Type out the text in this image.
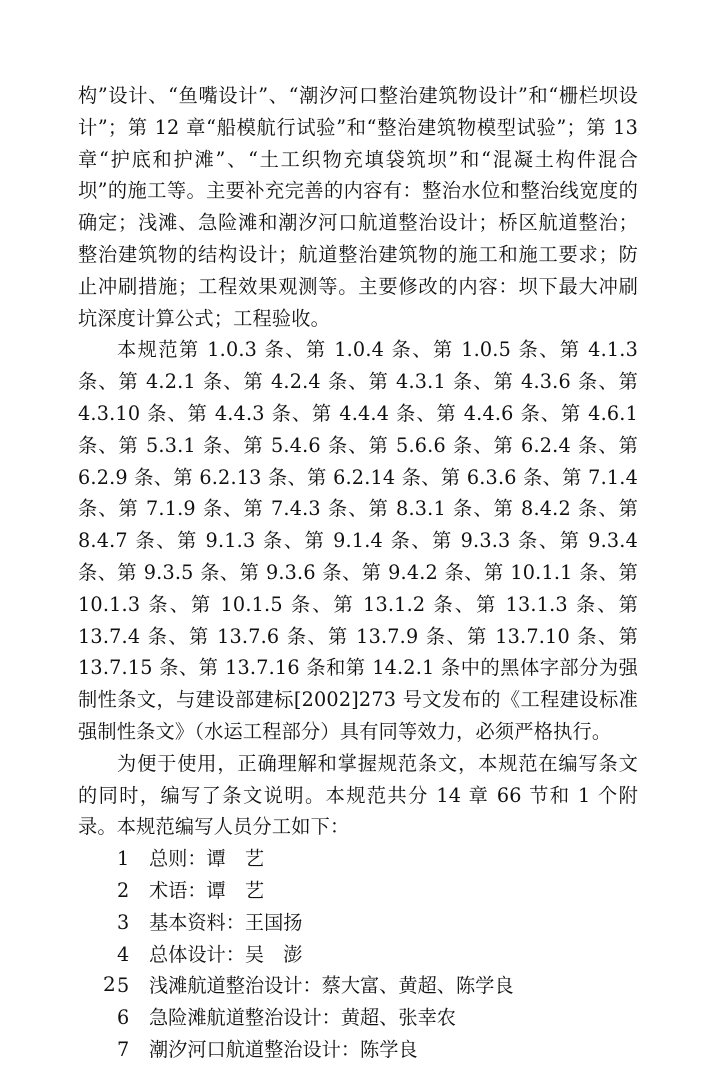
构”设计、“鱼嘴设计”、“潮汐河口整治建筑物设计”和“栅栏坝设计”；第 12 章“船模航行试验”和“整治建筑物模型试验”；第 13 章“护底和护滩”、“土工织物充填袋筑坝”和“混凝土构件混合坝”的施工等。主要补充完善的内容有：整治水位和整治线宽度的确定；浅滩、急险滩和潮汐河口航道整治设计；桥区航道整治；整治建筑物的结构设计；航道整治建筑物的施工和施工要求；防止冲刷措施；工程效果观测等。主要修改的内容：坝下最大冲刷坑深度计算公式；工程验收。

本规范第 1.0.3 条、第 1.0.4 条、第 1.0.5 条、第 4.1.3 条、第 4.2.1 条、第 4.2.4 条、第 4.3.1 条、第 4.3.6 条、第 4.3.10 条、第 4.4.3 条、第 4.4.4 条、第 4.4.6 条、第 4.6.1 条、第 5.3.1 条、第 5.4.6 条、第 5.6.6 条、第 6.2.4 条、第 6.2.9 条、第 6.2.13 条、第 6.2.14 条、第 6.3.6 条、第 7.1.4 条、第 7.1.9 条、第 7.4.3 条、第 8.3.1 条、第 8.4.2 条、第 8.4.7 条、第 9.1.3 条、第 9.1.4 条、第 9.3.3 条、第 9.3.4 条、第 9.3.5 条、第 9.3.6 条、第 9.4.2 条、第 10.1.1 条、第 10.1.3 条、第 10.1.5 条、第 13.1.2 条、第 13.1.3 条、第 13.7.4 条、第 13.7.6 条、第 13.7.9 条、第 13.7.10 条、第 13.7.15 条、第 13.7.16 条和第 14.2.1 条中的黑体字部分为强制性条文，与建设部建标[2002]273 号文发布的《工程建设标准强制性条文》（水运工程部分）具有同等效力，必须严格执行。

为便于使用，正确理解和掌握规范条文，本规范在编写条文的同时，编写了条文说明。本规范共分 14 章 66 节和 1 个附录。本规范编写人员分工如下：

1	总则：谭　艺
2	术语：谭　艺
3	基本资料：王国扬
4	总体设计：吴　澎
5	浅滩航道整治设计：蔡大富、黄超、陈学良
6	急险滩航道整治设计：黄超、张幸农
7	潮汐河口航道整治设计：陈学良
2
